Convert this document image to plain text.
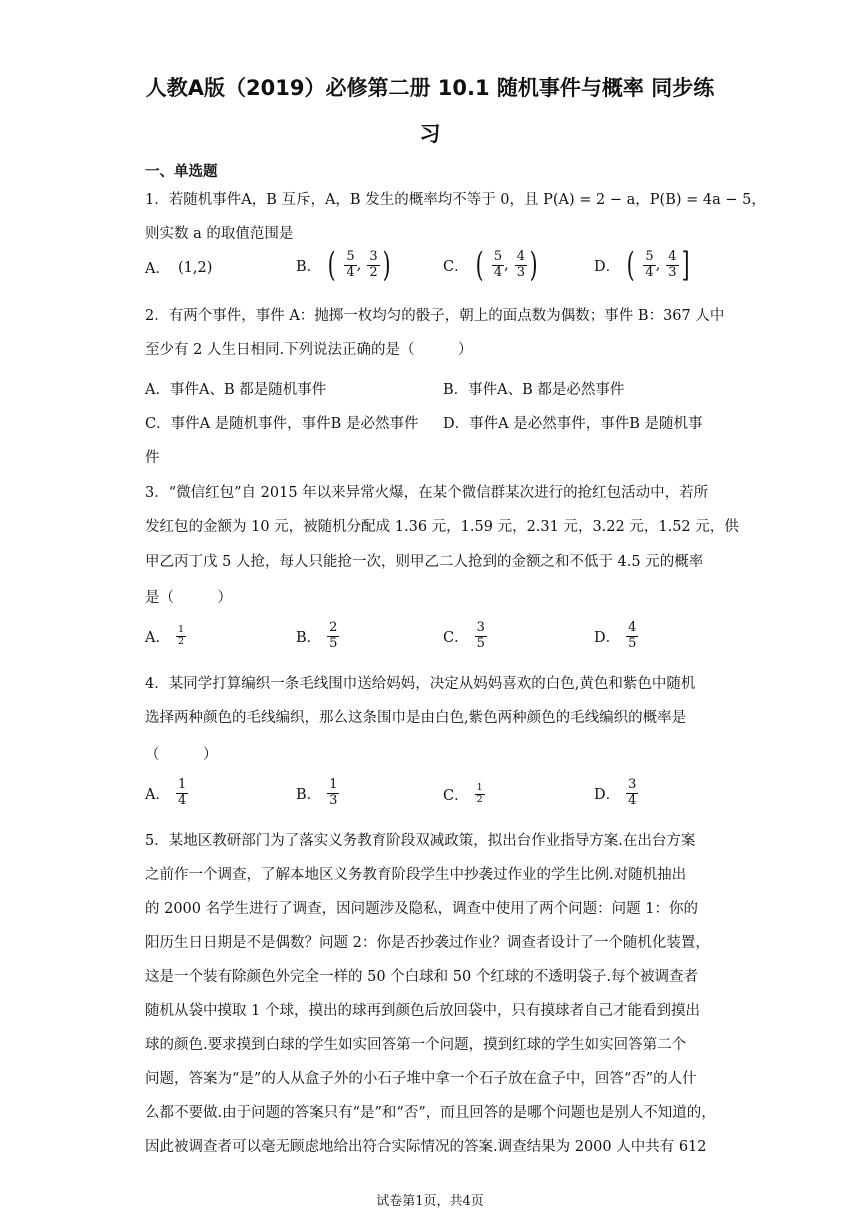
人教A版（2019）必修第二册 10.1 随机事件与概率 同步练
习
一、单选题
1．若随机事件A，B 互斥，A，B 发生的概率均不等于 0，且 P(A) = 2 − a，P(B) = 4a − 5，
则实数 a 的取值范围是
A． (1,2)	B． ( $\frac{5}{4}$ , $\frac{3}{2}$ )	C． ( $\frac{5}{4}$ , $\frac{4}{3}$ )	D． ( $\frac{5}{4}$ , $\frac{4}{3}$ ]
2．有两个事件，事件 A：抛掷一枚均匀的骰子，朝上的面点数为偶数；事件 B：367 人中
至少有 2 人生日相同.下列说法正确的是（　　　）
A．事件A、B 都是随机事件	B．事件A、B 都是必然事件
C．事件A 是随机事件，事件B 是必然事件 D．事件A 是必然事件，事件B 是随机事
件
3．“微信红包”自 2015 年以来异常火爆，在某个微信群某次进行的抢红包活动中，若所
发红包的金额为 10 元，被随机分配成 1.36 元，1.59 元，2.31 元，3.22 元，1.52 元，供
甲乙丙丁戊 5 人抢，每人只能抢一次，则甲乙二人抢到的金额之和不低于 4.5 元的概率
是（　　　）
A． $\frac{1}{2}$	B． $\frac{2}{5}$	C． $\frac{3}{5}$	D． $\frac{4}{5}$
4．某同学打算编织一条毛线围巾送给妈妈，决定从妈妈喜欢的白色,黄色和紫色中随机
选择两种颜色的毛线编织，那么这条围巾是由白色,紫色两种颜色的毛线编织的概率是
（　　　）
A． $\frac{1}{4}$	B． $\frac{1}{3}$	C． $\frac{1}{2}$	D． $\frac{3}{4}$
5．某地区教研部门为了落实义务教育阶段双减政策，拟出台作业指导方案.在出台方案
之前作一个调查，了解本地区义务教育阶段学生中抄袭过作业的学生比例.对随机抽出
的 2000 名学生进行了调查，因问题涉及隐私，调查中使用了两个问题：问题 1：你的
阳历生日日期是不是偶数？问题 2：你是否抄袭过作业？调查者设计了一个随机化装置，
这是一个装有除颜色外完全一样的 50 个白球和 50 个红球的不透明袋子.每个被调查者
随机从袋中摸取 1 个球，摸出的球再到颜色后放回袋中，只有摸球者自己才能看到摸出
球的颜色.要求摸到白球的学生如实回答第一个问题，摸到红球的学生如实回答第二个
问题，答案为“是”的人从盒子外的小石子堆中拿一个石子放在盒子中，回答“否”的人什
么都不要做.由于问题的答案只有“是”和“否”，而且回答的是哪个问题也是别人不知道的，
因此被调查者可以毫无顾虑地给出符合实际情况的答案.调查结果为 2000 人中共有 612
试卷第1页，共4页
